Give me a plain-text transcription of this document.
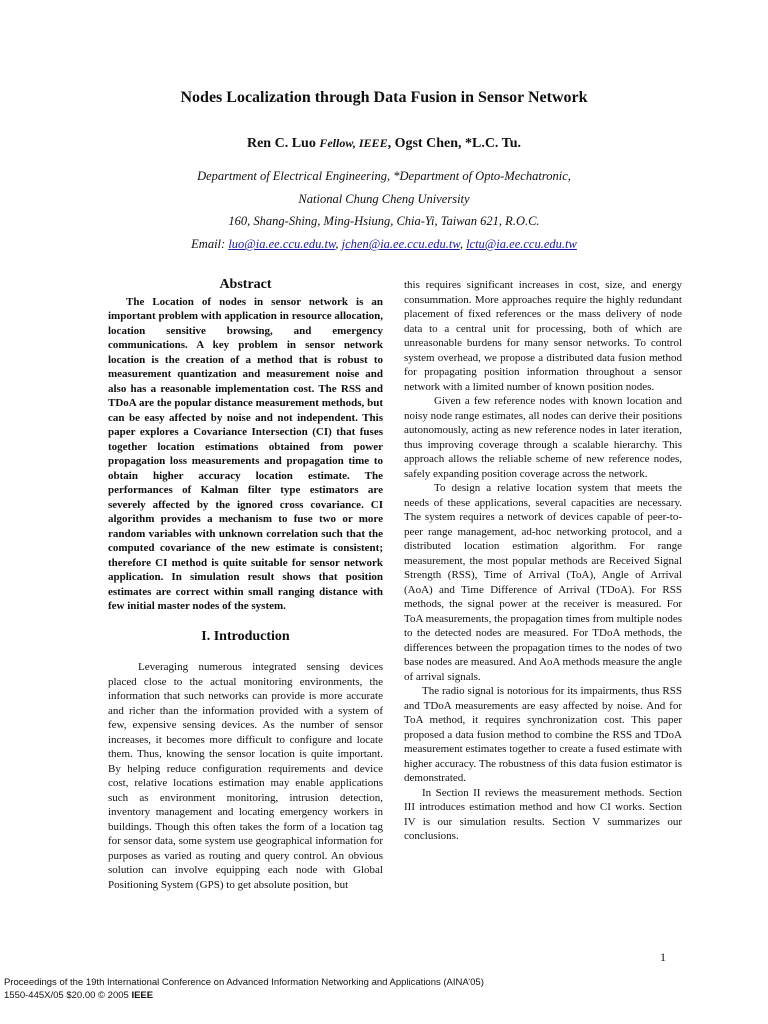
Nodes Localization through Data Fusion in Sensor Network
Ren C. Luo Fellow, IEEE, Ogst Chen, *L.C. Tu.
Department of Electrical Engineering, *Department of Opto-Mechatronic,
National Chung Cheng University
160, Shang-Shing, Ming-Hsiung, Chia-Yi, Taiwan 621, R.O.C.
Email: luo@ia.ee.ccu.edu.tw, jchen@ia.ee.ccu.edu.tw, lctu@ia.ee.ccu.edu.tw
Abstract

The Location of nodes in sensor network is an important problem with application in resource allocation, location sensitive browsing, and emergency communications. A key problem in sensor network location is the creation of a method that is robust to measurement quantization and measurement noise and also has a reasonable implementation cost. The RSS and TDoA are the popular distance measurement methods, but can be easy affected by noise and not independent. This paper explores a Covariance Intersection (CI) that fuses together location estimations obtained from power propagation loss measurements and propagation time to obtain higher accuracy location estimate. The performances of Kalman filter type estimators are severely affected by the ignored cross covariance. CI algorithm provides a mechanism to fuse two or more random variables with unknown correlation such that the computed covariance of the new estimate is consistent; therefore CI method is quite suitable for sensor network application. In simulation result shows that position estimates are correct within small ranging distance with few initial master nodes of the system.

I. Introduction

Leveraging numerous integrated sensing devices placed close to the actual monitoring environments, the information that such networks can provide is more accurate and richer than the information provided with a system of few, expensive sensing devices. As the number of sensor increases, it becomes more difficult to configure and locate them. Thus, knowing the sensor location is quite important. By helping reduce configuration requirements and device cost, relative locations estimation may enable applications such as environment monitoring, intrusion detection, inventory management and locating emergency workers in buildings. Though this often takes the form of a location tag for sensor data, some system use geographical information for purposes as varied as routing and query control. An obvious solution can involve equipping each node with Global Positioning System (GPS) to get absolute position, but

this requires significant increases in cost, size, and energy consummation. More approaches require the highly redundant placement of fixed references or the mass delivery of node data to a central unit for processing, both of which are unreasonable burdens for many sensor networks. To control system overhead, we propose a distributed data fusion method for propagating position information throughout a sensor network with a limited number of known position nodes.

Given a few reference nodes with known location and noisy node range estimates, all nodes can derive their positions autonomously, acting as new reference nodes in later iteration, thus improving coverage through a scalable hierarchy. This approach allows the reliable scheme of new reference nodes, safely expanding position coverage across the network.

To design a relative location system that meets the needs of these applications, several capacities are necessary. The system requires a network of devices capable of peer-to-peer range management, ad-hoc networking protocol, and a distributed location estimation algorithm. For range measurement, the most popular methods are Received Signal Strength (RSS), Time of Arrival (ToA), Angle of Arrival (AoA) and Time Difference of Arrival (TDoA). For RSS methods, the signal power at the receiver is measured. For ToA measurements, the propagation times from multiple nodes to the detected nodes are measured. For TDoA methods, the differences between the propagation times to the nodes of two base nodes are measured. And AoA methods measure the angle of arrival signals.

The radio signal is notorious for its impairments, thus RSS and TDoA measurements are easy affected by noise. And for ToA method, it requires synchronization cost. This paper proposed a data fusion method to combine the RSS and TDoA measurement estimates together to create a fused estimate with higher accuracy. The robustness of this data fusion estimator is demonstrated.

In Section II reviews the measurement methods. Section III introduces estimation method and how CI works. Section IV is our simulation results. Section V summarizes our conclusions.

1
Proceedings of the 19th International Conference on Advanced Information Networking and Applications (AINA’05)
1550-445X/05 $20.00 © 2005 IEEE
